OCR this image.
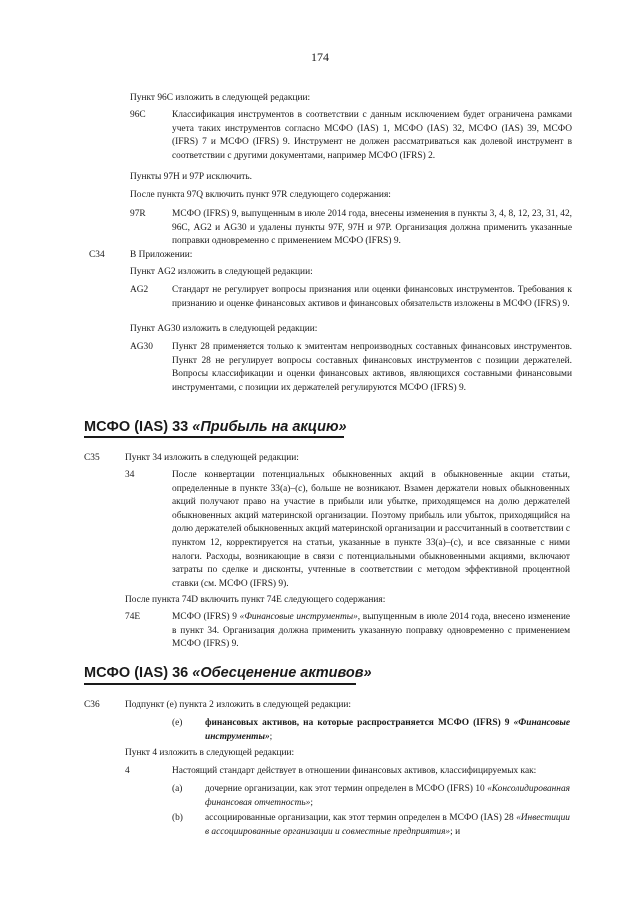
174
Пункт 96С изложить в следующей редакции:
96С	Классификация инструментов в соответствии с данным исключением будет ограничена рамками учета таких инструментов согласно МСФО (IAS) 1, МСФО (IAS) 32, МСФО (IAS) 39, МСФО (IFRS) 7 и МСФО (IFRS) 9. Инструмент не должен рассматриваться как долевой инструмент в соответствии с другими документами, например МСФО (IFRS) 2.
Пункты 97Н и 97Р исключить.
После пункта 97Q включить пункт 97R следующего содержания:
97R	МСФО (IFRS) 9, выпущенным в июле 2014 года, внесены изменения в пункты 3, 4, 8, 12, 23, 31, 42, 96С, AG2 и AG30 и удалены пункты 97F, 97Н и 97Р. Организация должна применить указанные поправки одновременно с применением МСФО (IFRS) 9.
С34	В Приложении:
Пункт AG2 изложить в следующей редакции:
AG2	Стандарт не регулирует вопросы признания или оценки финансовых инструментов. Требования к признанию и оценке финансовых активов и финансовых обязательств изложены в МСФО (IFRS) 9.
Пункт AG30 изложить в следующей редакции:
AG30 Пункт 28 применяется только к эмитентам непроизводных составных финансовых инструментов. Пункт 28 не регулирует вопросы составных финансовых инструментов с позиции держателей. Вопросы классификации и оценки финансовых активов, являющихся составными финансовыми инструментами, с позиции их держателей регулируются МСФО (IFRS) 9.
МСФО (IAS) 33 «Прибыль на акцию»
С35	Пункт 34 изложить в следующей редакции:
34	После конвертации потенциальных обыкновенных акций в обыкновенные акции статьи, определенные в пункте 33(a)–(c), больше не возникают. Взамен держатели новых обыкновенных акций получают право на участие в прибыли или убытке, приходящемся на долю держателей обыкновенных акций материнской организации. Поэтому прибыль или убыток, приходящийся на долю держателей обыкновенных акций материнской организации и рассчитанный в соответствии с пунктом 12, корректируется на статьи, указанные в пункте 33(a)–(c), и все связанные с ними налоги. Расходы, возникающие в связи с потенциальными обыкновенными акциями, включают затраты по сделке и дисконты, учтенные в соответствии с методом эффективной процентной ставки (см. МСФО (IFRS) 9).
После пункта 74D включить пункт 74Е следующего содержания:
74Е	МСФО (IFRS) 9 «Финансовые инструменты», выпущенным в июле 2014 года, внесено изменение в пункт 34. Организация должна применить указанную поправку одновременно с применением МСФО (IFRS) 9.
МСФО (IAS) 36 «Обесценение активов»
С36	Подпункт (е) пункта 2 изложить в следующей редакции:
(е) финансовых активов, на которые распространяется МСФО (IFRS) 9 «Финансовые инструменты»;
Пункт 4 изложить в следующей редакции:
4	Настоящий стандарт действует в отношении финансовых активов, классифицируемых как:
(a) дочерние организации, как этот термин определен в МСФО (IFRS) 10 «Консолидированная финансовая отчетность»;
(b) ассоциированные организации, как этот термин определен в МСФО (IAS) 28 «Инвестиции в ассоциированные организации и совместные предприятия»; и
